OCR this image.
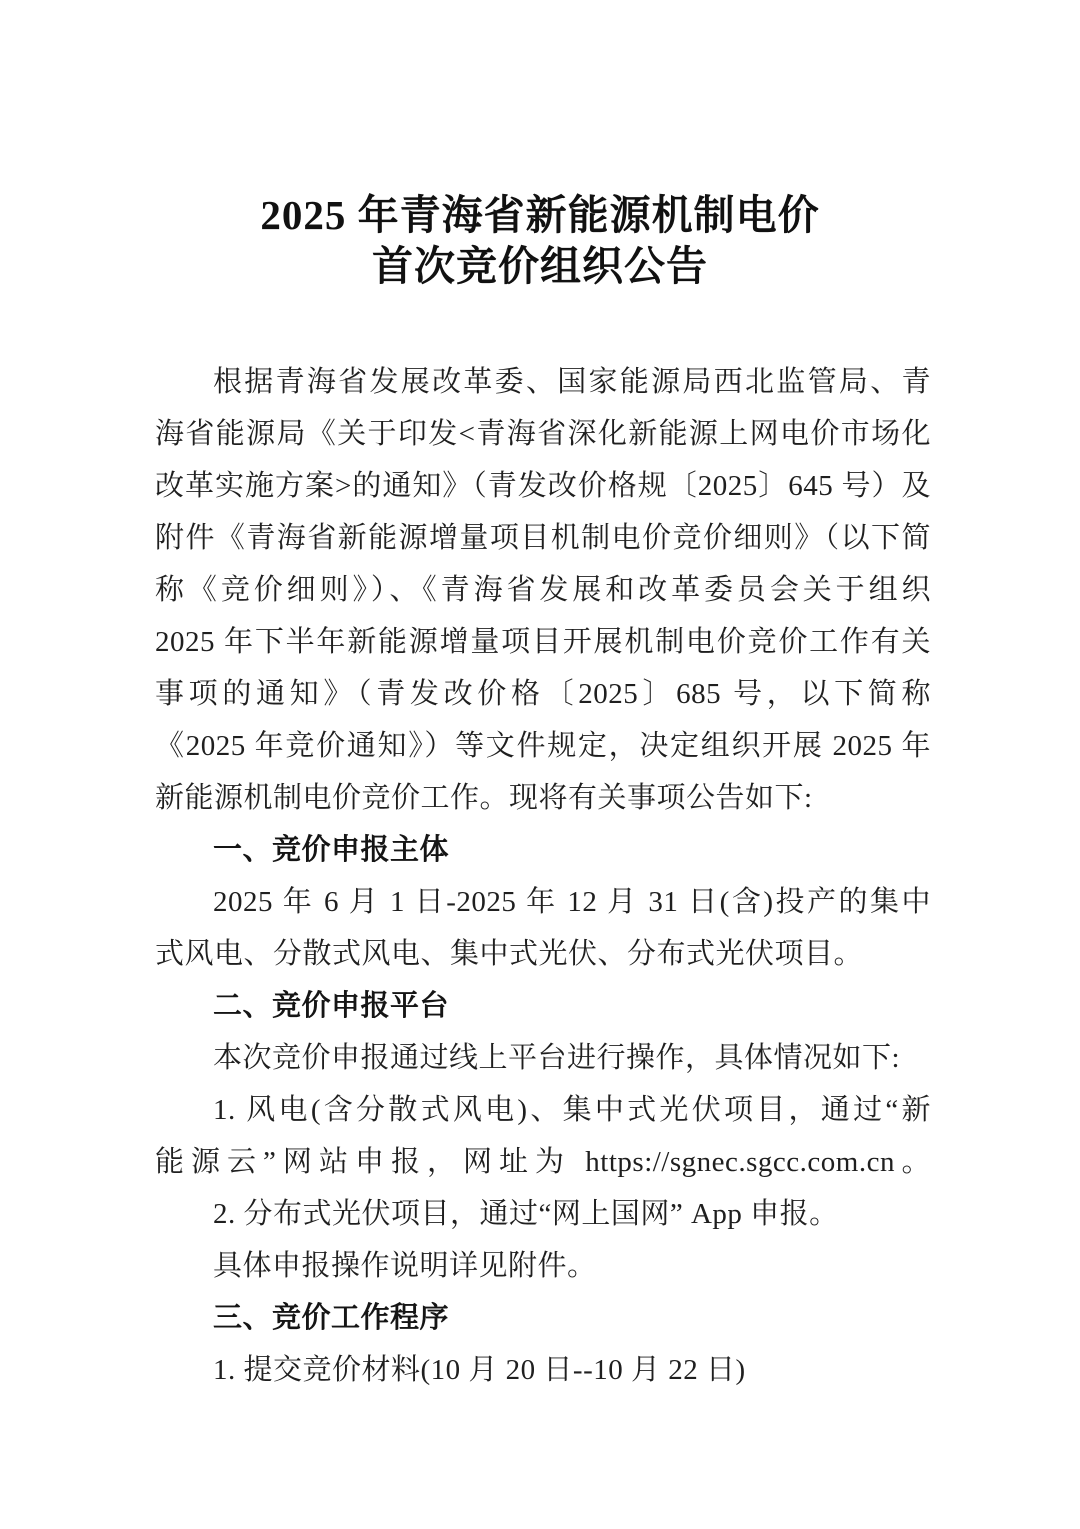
2025 年青海省新能源机制电价
首次竞价组织公告
根据青海省发展改革委、国家能源局西北监管局、青
海省能源局《关于印发<青海省深化新能源上网电价市场化
改革实施方案>的通知》（青发改价格规〔2025〕645 号）及
附件《青海省新能源增量项目机制电价竞价细则》（以下简
称《竞价细则》）、《青海省发展和改革委员会关于组织
2025 年下半年新能源增量项目开展机制电价竞价工作有关
事项的通知》（青发改价格〔2025〕685 号，以下简称
《2025 年竞价通知》）等文件规定，决定组织开展 2025 年
新能源机制电价竞价工作。现将有关事项公告如下:
一、竞价申报主体
2025 年 6 月 1 日-2025 年 12 月 31 日(含)投产的集中
式风电、分散式风电、集中式光伏、分布式光伏项目。
二、竞价申报平台
本次竞价申报通过线上平台进行操作，具体情况如下:
1. 风电(含分散式风电)、集中式光伏项目，通过“新
能源云”网站申报，网址为 https://sgnec.sgcc.com.cn。
2. 分布式光伏项目，通过“网上国网” App 申报。
具体申报操作说明详见附件。
三、竞价工作程序
1. 提交竞价材料(10 月 20 日--10 月 22 日)
